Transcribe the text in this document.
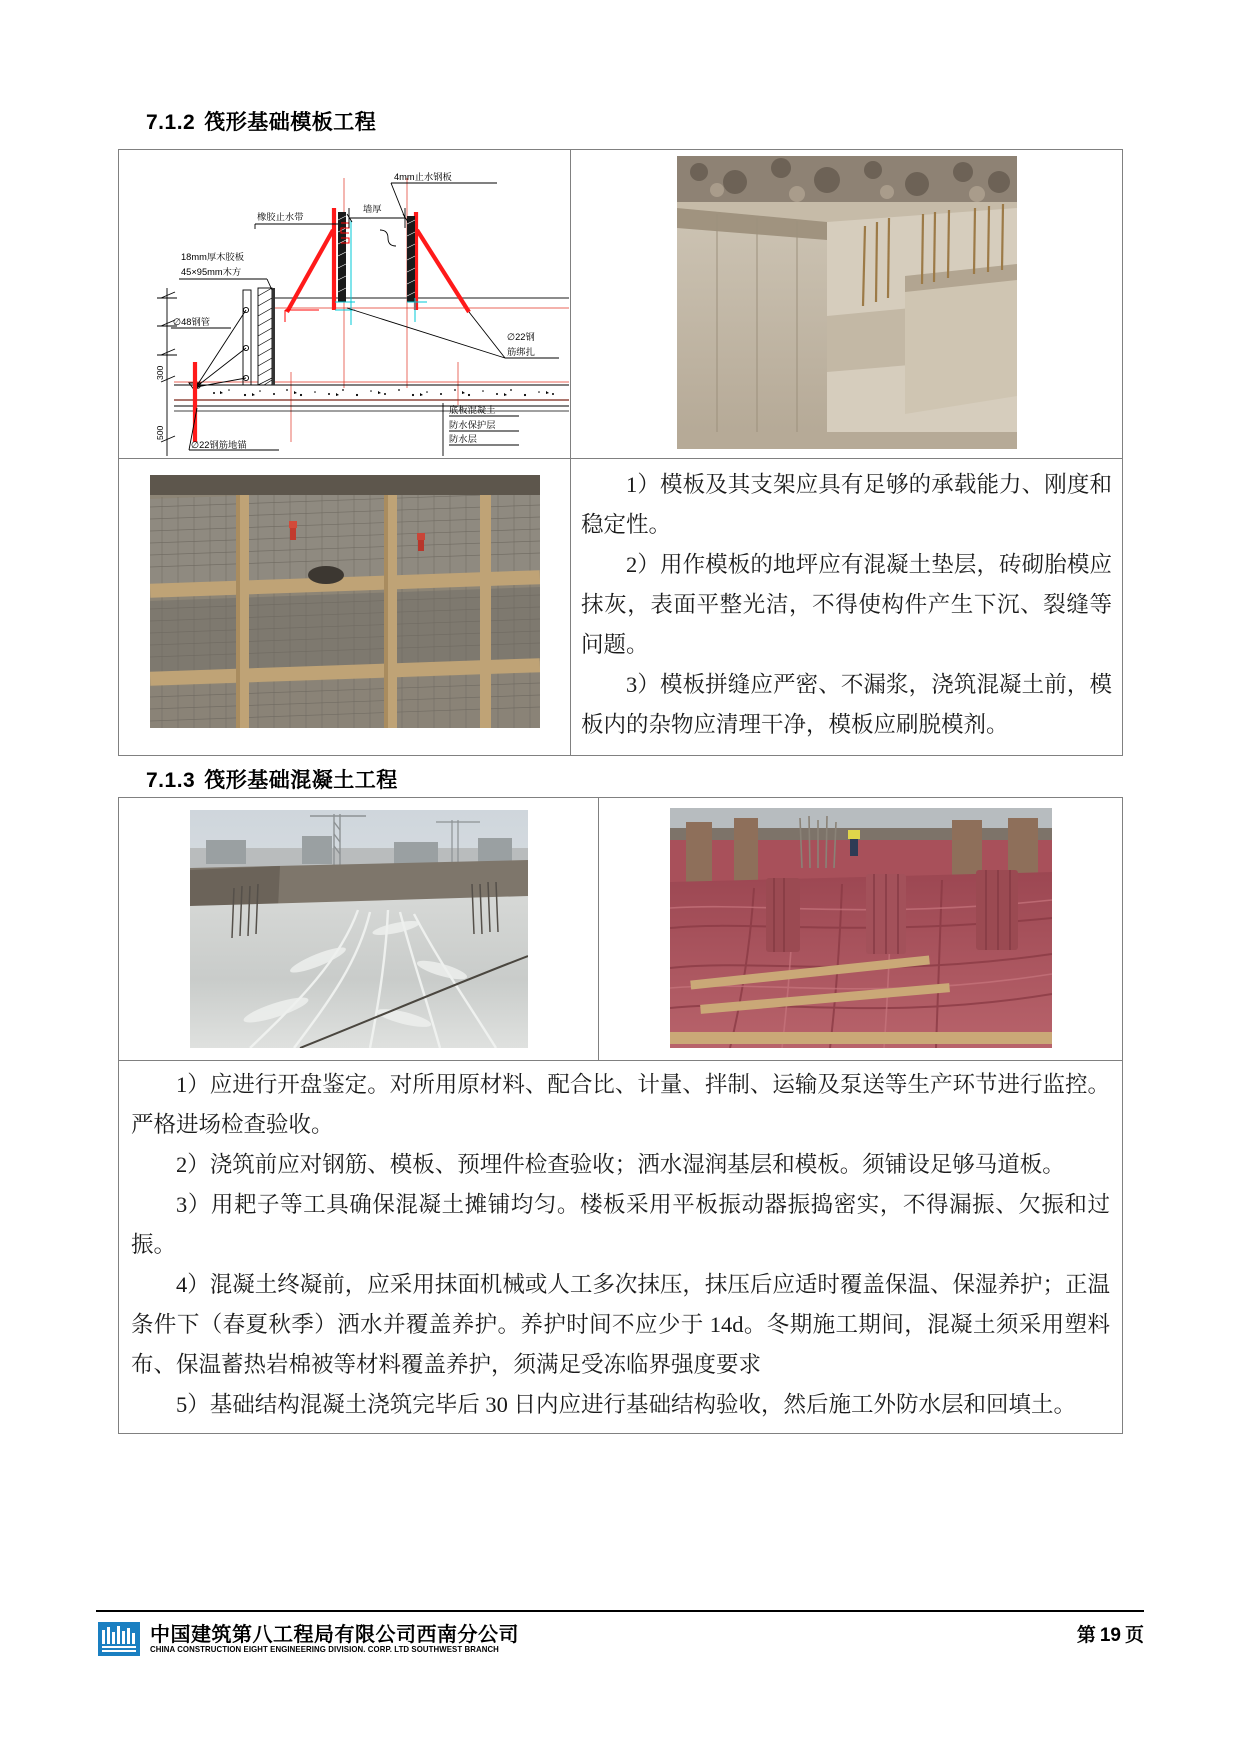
7.1.2 筏形基础模板工程
墙厚
4mm止水钢板
橡胶止水带
18mm厚木胶板
45×95mm木方
∅48钢管
∅22钢
筋绑扎
∅22钢筋地锚
300
500
底板混凝土
防水保护层
防水层

1）模板及其支架应具有足够的承载能力、刚度和稳定性。

2）用作模板的地坪应有混凝土垫层，砖砌胎模应抹灰，表面平整光洁，不得使构件产生下沉、裂缝等问题。

3）模板拼缝应严密、不漏浆，浇筑混凝土前，模板内的杂物应清理干净，模板应刷脱模剂。

7.1.3 筏形基础混凝土工程

1）应进行开盘鉴定。对所用原材料、配合比、计量、拌制、运输及泵送等生产环节进行监控。严格进场检查验收。

2）浇筑前应对钢筋、模板、预埋件检查验收；洒水湿润基层和模板。须铺设足够马道板。

3）用耙子等工具确保混凝土摊铺均匀。楼板采用平板振动器振捣密实，不得漏振、欠振和过振。

4）混凝土终凝前，应采用抹面机械或人工多次抹压，抹压后应适时覆盖保温、保湿养护；正温条件下（春夏秋季）洒水并覆盖养护。养护时间不应少于 14d。冬期施工期间，混凝土须采用塑料布、保温蓄热岩棉被等材料覆盖养护，须满足受冻临界强度要求

5）基础结构混凝土浇筑完毕后 30 日内应进行基础结构验收，然后施工外防水层和回填土。

中国建筑第八工程局有限公司西南分公司
CHINA CONSTRUCTION EIGHT ENGINEERING DIVISION. CORP. LTD SOUTHWEST BRANCH
第 19 页
